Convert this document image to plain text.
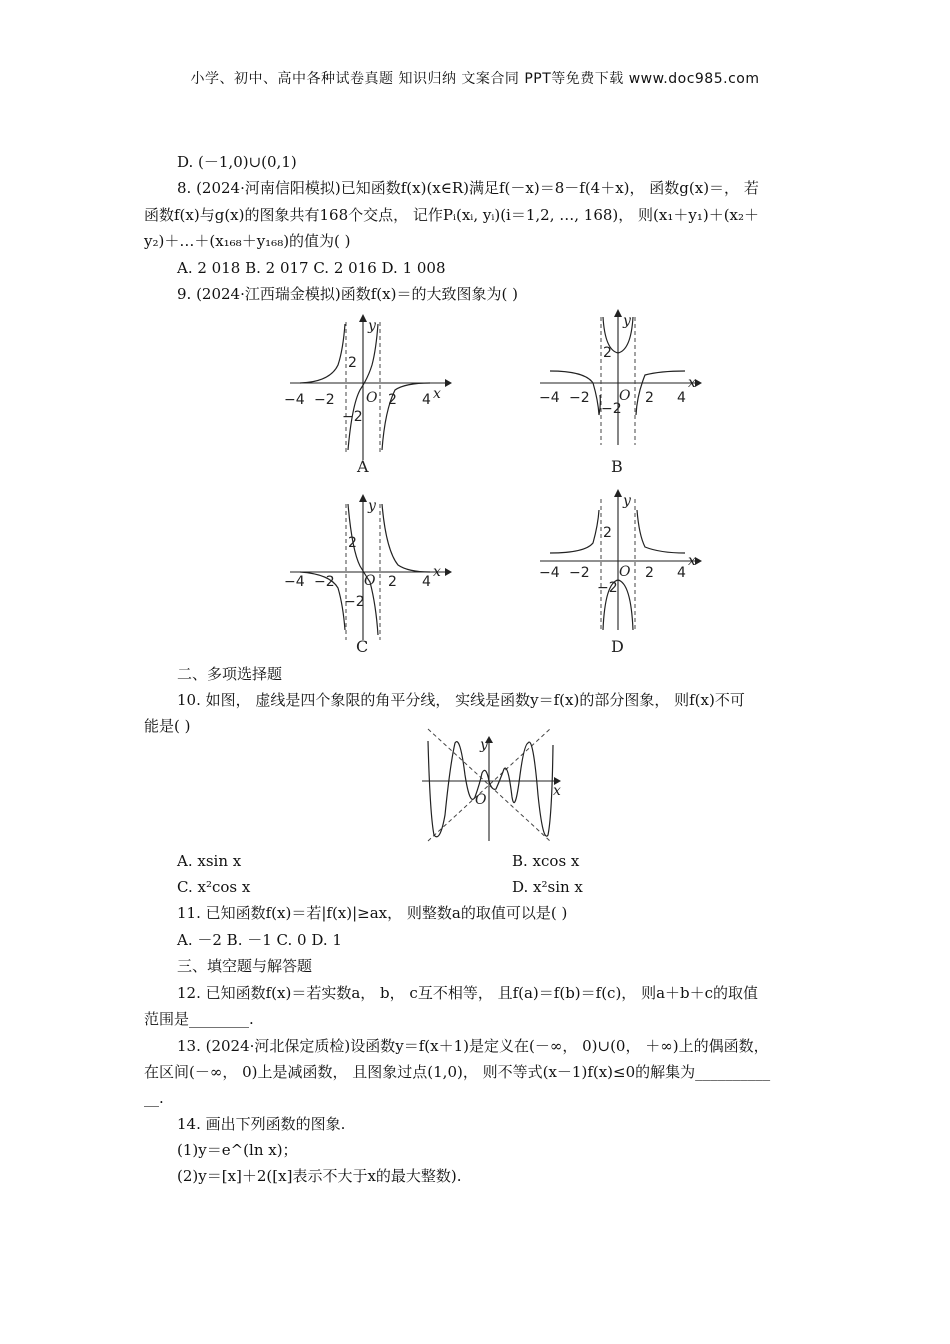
小学、初中、高中各种试卷真题 知识归纳 文案合同 PPT等免费下载 www.doc985.com
D. (－1,0)∪(0,1)
8. (2024·河南信阳模拟)已知函数f(x)(x∈R)满足f(－x)＝8－f(4＋x)， 函数g(x)＝， 若
函数f(x)与g(x)的图象共有168个交点， 记作Pᵢ(xᵢ, yᵢ)(i＝1,2, …, 168)， 则(x₁＋y₁)＋(x₂＋
y₂)＋…＋(x₁₆₈＋y₁₆₈)的值为( )
A. 2 018 B. 2 017 C. 2 016 D. 1 008
9. (2024·江西瑞金模拟)函数f(x)＝的大致图象为( )
−4 −2 O 2 4
2
−2
x
y
A
−4 −2 O 2 4
2
−2
x
y
B
−4 −2 O 2 4
2
−2
x
y
C
−4 −2 O 2 4
2
−2
x
y
D
二、多项选择题
10. 如图， 虚线是四个象限的角平分线， 实线是函数y＝f(x)的部分图象， 则f(x)不可
能是( )
y
x
O
A. xsin x	B. xcos x
C. x²cos x	D. x²sin x
11. 已知函数f(x)＝若|f(x)|≥ax， 则整数a的取值可以是( )
A. －2 B. －1 C. 0 D. 1
三、填空题与解答题
12. 已知函数f(x)＝若实数a， b， c互不相等， 且f(a)＝f(b)＝f(c)， 则a＋b＋c的取值
范围是________.
13. (2024·河北保定质检)设函数y＝f(x＋1)是定义在(－∞， 0)∪(0， ＋∞)上的偶函数，
在区间(－∞， 0)上是减函数， 且图象过点(1,0)， 则不等式(x－1)f(x)≤0的解集为__________
__.
14. 画出下列函数的图象.
(1)y＝e^(ln x)；
(2)y＝[x]＋2([x]表示不大于x的最大整数).
